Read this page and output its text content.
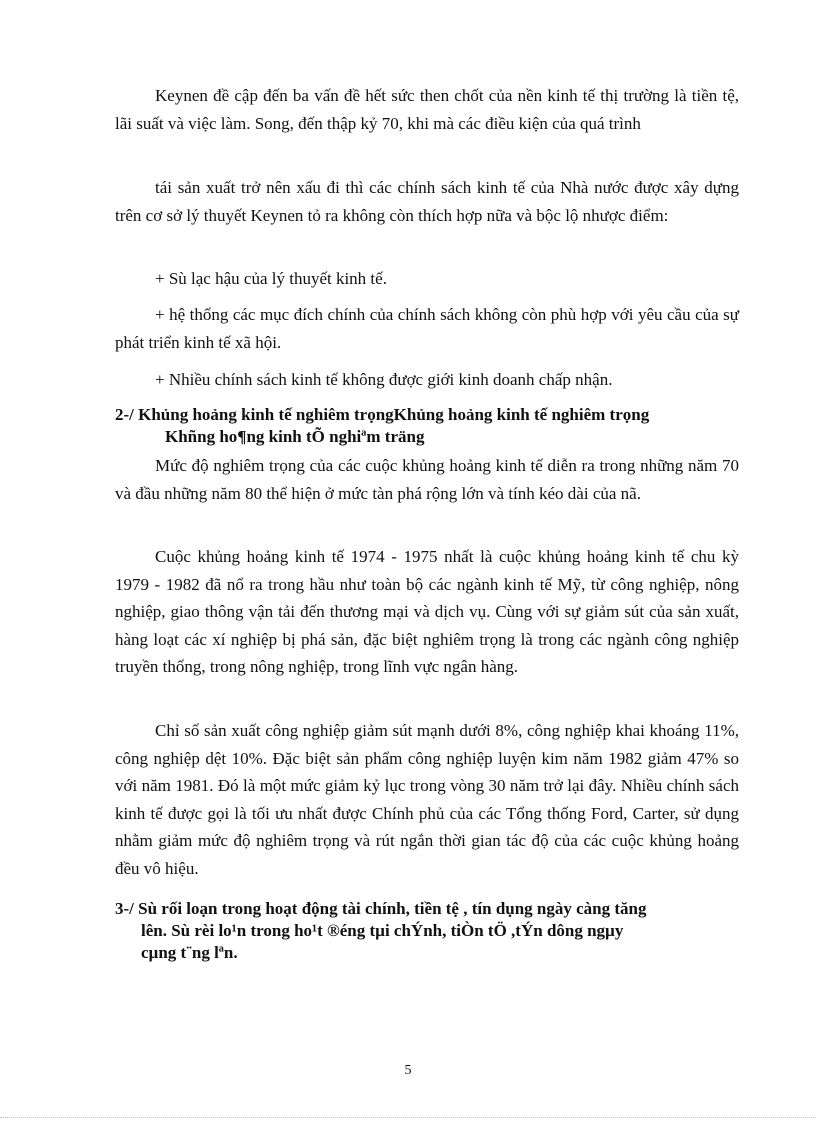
Keynen đề cập đến ba vấn đề hết sức then chốt của nền kinh tế thị trường là tiền tệ, lãi suất và việc làm. Song, đến thập kỷ 70, khi mà các điều kiện của quá trình

tái sản xuất trở nên xấu đi thì các chính sách kinh tế của Nhà nước được xây dựng trên cơ sở lý thuyết Keynen tỏ ra không còn thích hợp nữa và bộc lộ nhược điểm:

+ Sù lạc hậu của lý thuyết kinh tế.

+ hệ thống các mục đích chính của chính sách không còn phù hợp với yêu cầu của sự phát triển kinh tế xã hội.

+ Nhiều chính sách kinh tế không được giới kinh doanh chấp nhận.

2-/ Khủng hoảng kinh tế nghiêm trọngKhủng hoảng kinh tế nghiêm trọng
Khñng ho¶ng kinh tÕ nghiªm träng

Mức độ nghiêm trọng của các cuộc khủng hoảng kinh tế diễn ra trong những năm 70 và đầu những năm 80 thể hiện ở mức tàn phá rộng lớn và tính kéo dài của nã.

Cuộc khủng hoảng kinh tế 1974 - 1975 nhất là cuộc khủng hoảng kinh tế chu kỳ 1979 - 1982 đã nổ ra trong hầu như toàn bộ các ngành kinh tế Mỹ, từ công nghiệp, nông nghiệp, giao thông vận tải đến thương mại và dịch vụ. Cùng với sự giảm sút của sản xuất, hàng loạt các xí nghiệp bị phá sản, đặc biệt nghiêm trọng là trong các ngành công nghiệp truyền thống, trong nông nghiệp, trong lĩnh vực ngân hàng.

Chỉ số sản xuất công nghiệp giảm sút mạnh dưới 8%, công nghiệp khai khoáng 11%, công nghiệp dệt 10%. Đặc biệt sản phẩm công nghiệp luyện kim năm 1982 giảm 47% so với năm 1981. Đó là một mức giảm kỷ lục trong vòng 30 năm trở lại đây. Nhiều chính sách kinh tế được gọi là tối ưu nhất được Chính phủ của các Tổng thống Ford, Carter, sử dụng nhằm giảm mức độ nghiêm trọng và rút ngắn thời gian tác độ của các cuộc khủng hoảng đều vô hiệu.

3-/ Sù rối loạn trong hoạt động tài chính, tiền tệ , tín dụng ngày càng tăng
lên. Sù rèi lo¹n trong ho¹t ®éng tµi chÝnh, tiÒn tÖ ,tÝn dông ngµy
cµng t¨ng lªn.
5
